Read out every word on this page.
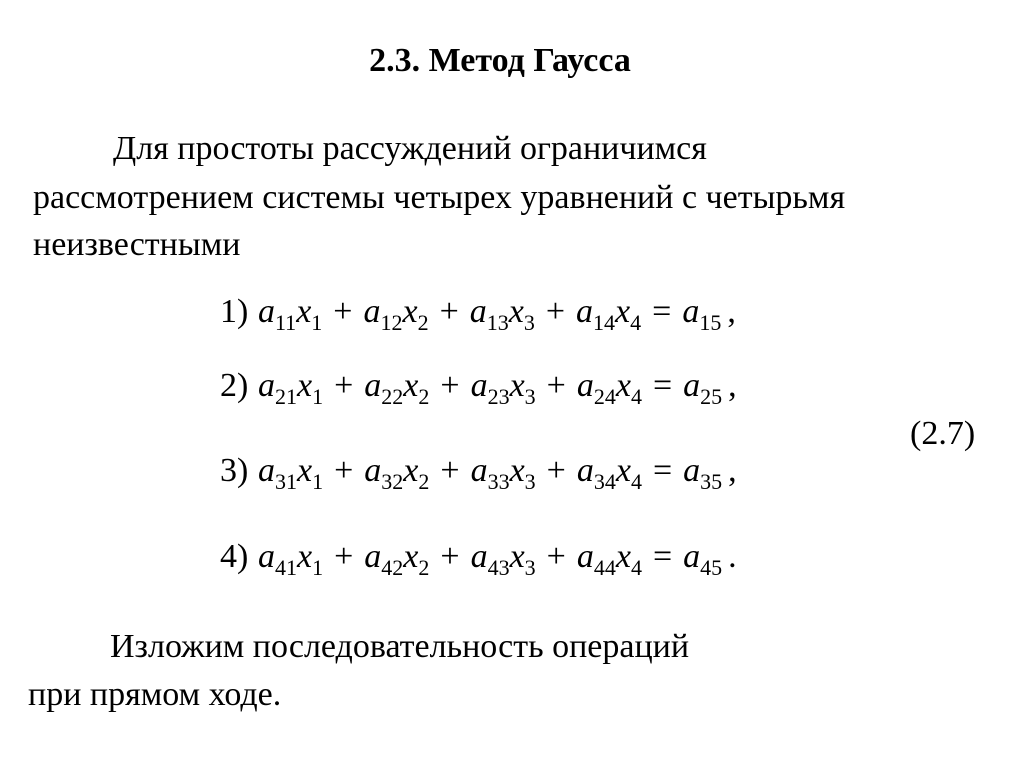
2.3. Метод Гаусса
Для простоты рассуждений ограничимся
рассмотрением системы четырех уравнений с четырьмя
неизвестными
1) $a_{11}x_1 + a_{12}x_2 + a_{13}x_3 + a_{14}x_4 = a_{15}$ ,
2) $a_{21}x_1 + a_{22}x_2 + a_{23}x_3 + a_{24}x_4 = a_{25}$ ,
3) $a_{31}x_1 + a_{32}x_2 + a_{33}x_3 + a_{34}x_4 = a_{35}$ ,
4) $a_{41}x_1 + a_{42}x_2 + a_{43}x_3 + a_{44}x_4 = a_{45}$ .
(2.7)
Изложим последовательность операций
при прямом ходе.
